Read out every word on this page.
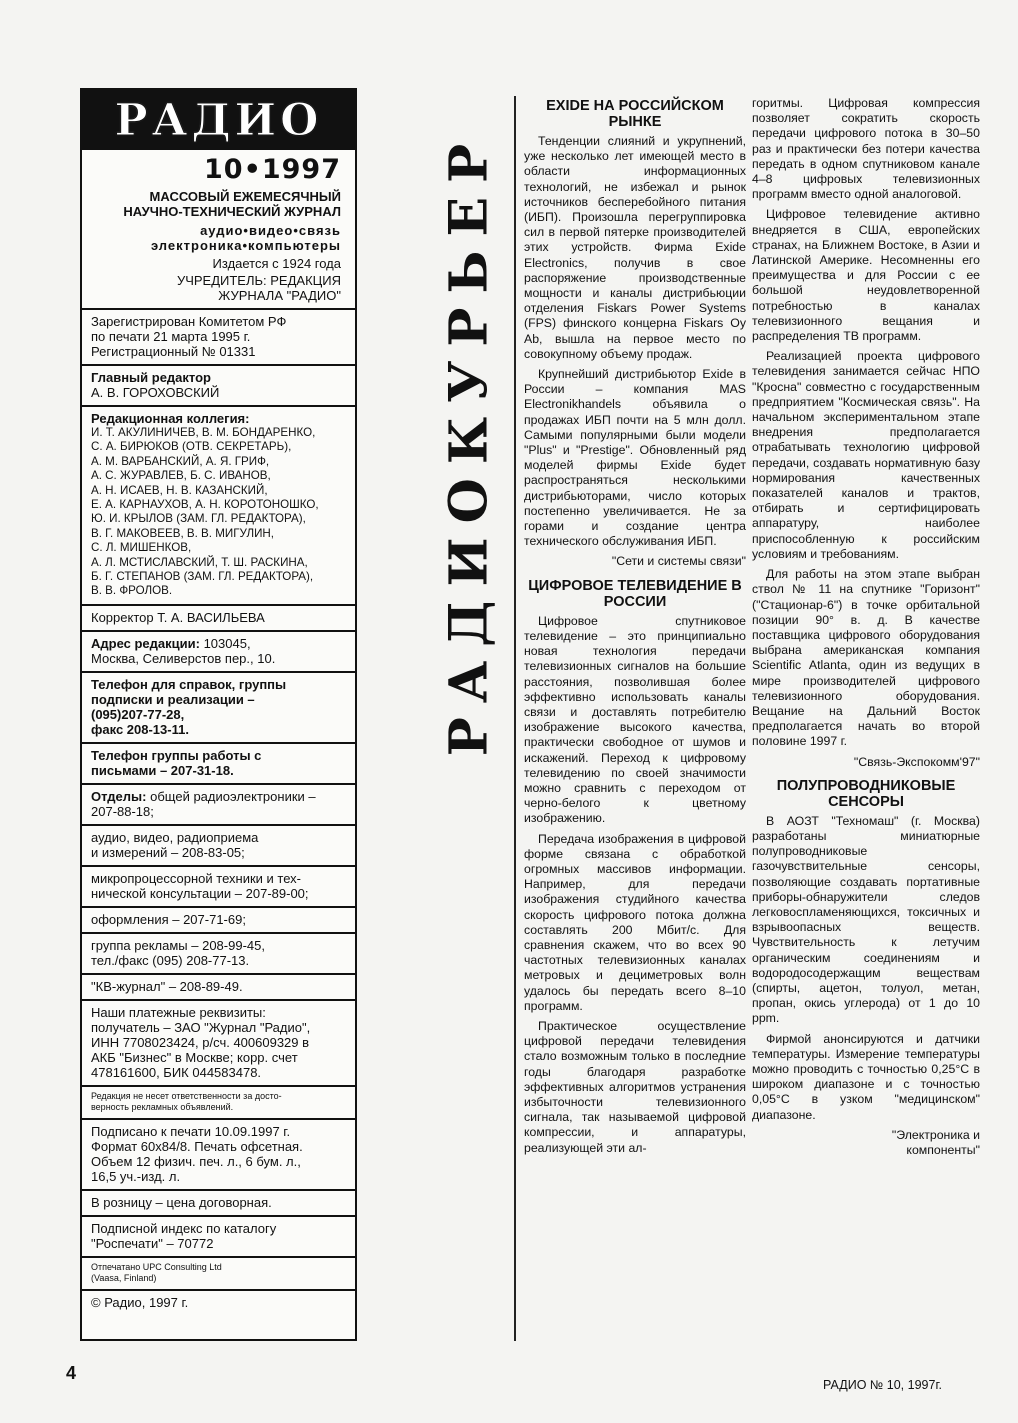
РАДИО
10•1997
МАССОВЫЙ ЕЖЕМЕСЯЧНЫЙ
НАУЧНО-ТЕХНИЧЕСКИЙ ЖУРНАЛ
аудио•видео•связь
электроника•компьютеры
Издается с 1924 года
УЧРЕДИТЕЛЬ: РЕДАКЦИЯ
ЖУРНАЛА "РАДИО"
Зарегистрирован Комитетом РФ
по печати 21 марта 1995 г.
Регистрационный № 01331
Главный редактор
А. В. ГОРОХОВСКИЙ
Редакционная коллегия:
И. Т. АКУЛИНИЧЕВ, В. М. БОНДАРЕНКО,
С. А. БИРЮКОВ (ОТВ. СЕКРЕТАРЬ),
А. М. ВАРБАНСКИЙ, А. Я. ГРИФ,
А. С. ЖУРАВЛЕВ, Б. С. ИВАНОВ,
А. Н. ИСАЕВ, Н. В. КАЗАНСКИЙ,
Е. А. КАРНАУХОВ, А. Н. КОРОТОНОШКО,
Ю. И. КРЫЛОВ (ЗАМ. ГЛ. РЕДАКТОРА),
В. Г. МАКОВЕЕВ, В. В. МИГУЛИН,
С. Л. МИШЕНКОВ,
А. Л. МСТИСЛАВСКИЙ, Т. Ш. РАСКИНА,
Б. Г. СТЕПАНОВ (ЗАМ. ГЛ. РЕДАКТОРА),
В. В. ФРОЛОВ.
Корректор Т. А. ВАСИЛЬЕВА
Адрес редакции: 103045,
Москва, Селиверстов пер., 10.
Телефон для справок, группы
подписки и реализации –
(095)207-77-28,
факс 208-13-11.
Телефон группы работы с
письмами – 207-31-18.
Отделы: общей радиоэлектроники –
207-88-18;
аудио, видео, радиоприема
и измерений – 208-83-05;
микропроцессорной техники и тех-
нической консультации – 207-89-00;
оформления – 207-71-69;
группа рекламы – 208-99-45,
тел./факс (095) 208-77-13.
"КВ-журнал" – 208-89-49.
Наши платежные реквизиты:
получатель – ЗАО "Журнал "Радио",
ИНН 7708023424, р/сч. 400609329 в
АКБ "Бизнес" в Москве; корр. счет
478161600, БИК 044583478.
Редакция не несет ответственности за досто-
верность рекламных объявлений.
Подписано к печати 10.09.1997 г.
Формат 60х84/8. Печать офсетная.
Объем 12 физич. печ. л., 6 бум. л.,
16,5 уч.-изд. л.
В розницу – цена договорная.
Подписной индекс по каталогу
"Роспечати" – 70772
Отпечатано UPC Consulting Ltd
(Vaasa, Finland)
© Радио, 1997 г.
РАДИОКУРЬЕР
EXIDE НА РОССИЙСКОМ РЫНКЕ

Тенденции слияний и укрупнений, уже несколько лет имеющей место в области информационных технологий, не избежал и рынок источников бесперебойного питания (ИБП). Произошла перегруппировка сил в первой пятерке производителей этих устройств. Фирма Exide Electronics, получив в свое распоряжение производственные мощности и каналы дистрибьюции отделения Fiskars Power Systems (FPS) финского концерна Fiskars Oy Ab, вышла на первое место по совокупному объему продаж.

Крупнейший дистрибьютор Exide в России – компания MAS Electronikhandels объявила о продажах ИБП почти на 5 млн долл. Самыми популярными были модели "Plus" и "Prestige". Обновленный ряд моделей фирмы Exide будет распространяться несколькими дистрибьюторами, число которых постепенно увеличивается. Не за горами и создание центра технического обслуживания ИБП.

"Сети и системы связи"
ЦИФРОВОЕ ТЕЛЕВИДЕНИЕ В РОССИИ

Цифровое спутниковое телевидение – это принципиально новая технология передачи телевизионных сигналов на большие расстояния, позволившая более эффективно использовать каналы связи и доставлять потребителю изображение высокого качества, практически свободное от шумов и искажений. Переход к цифровому телевидению по своей значимости можно сравнить с переходом от черно-белого к цветному изображению.

Передача изображения в цифровой форме связана с обработкой огромных массивов информации. Например, для передачи изображения студийного качества скорость цифрового потока должна составлять 200 Мбит/с. Для сравнения скажем, что во всех 90 частотных телевизионных каналах метровых и дециметровых волн удалось бы передать всего 8–10 программ.

Практическое осуществление цифровой передачи телевидения стало возможным только в последние годы благодаря разработке эффективных алгоритмов устранения избыточности телевизионного сигнала, так называемой цифровой компрессии, и аппаратуры, реализующей эти ал-

горитмы. Цифровая компрессия позволяет сократить скорость передачи цифрового потока в 30–50 раз и практически без потери качества передать в одном спутниковом канале 4–8 цифровых телевизионных программ вместо одной аналоговой.

Цифровое телевидение активно внедряется в США, европейских странах, на Ближнем Востоке, в Азии и Латинской Америке. Несомненны его преимущества и для России с ее большой неудовлетворенной потребностью в каналах телевизионного вещания и распределения ТВ программ.

Реализацией проекта цифрового телевидения занимается сейчас НПО "Кросна" совместно с государственным предприятием "Космическая связь". На начальном экспериментальном этапе внедрения предполагается отрабатывать технологию цифровой передачи, создавать нормативную базу нормирования качественных показателей каналов и трактов, отбирать и сертифицировать аппаратуру, наиболее приспособленную к российским условиям и требованиям.

Для работы на этом этапе выбран ствол № 11 на спутнике "Горизонт" ("Стационар-6") в точке орбитальной позиции 90° в. д. В качестве поставщика цифрового оборудования выбрана американская компания Scientific Atlanta, один из ведущих в мире производителей цифрового телевизионного оборудования. Вещание на Дальний Восток предполагается начать во второй половине 1997 г.

"Связь-Экспокомм'97"
ПОЛУПРОВОДНИКОВЫЕ СЕНСОРЫ

В АОЗТ "Техномаш" (г. Москва) разработаны миниатюрные полупроводниковые газочувствительные сенсоры, позволяющие создавать портативные приборы-обнаружители следов легковоспламеняющихся, токсичных и взрывоопасных веществ. Чувствительность к летучим органическим соединениям и водородосодержащим веществам (спирты, ацетон, толуол, метан, пропан, окись углерода) от 1 до 10 ppm.

Фирмой анонсируются и датчики температуры. Измерение температуры можно проводить с точностью 0,25°С в широком диапазоне и с точностью 0,05°С в узком "медицинском" диапазоне.

"Электроника и
компоненты"
4
РАДИО № 10, 1997г.
